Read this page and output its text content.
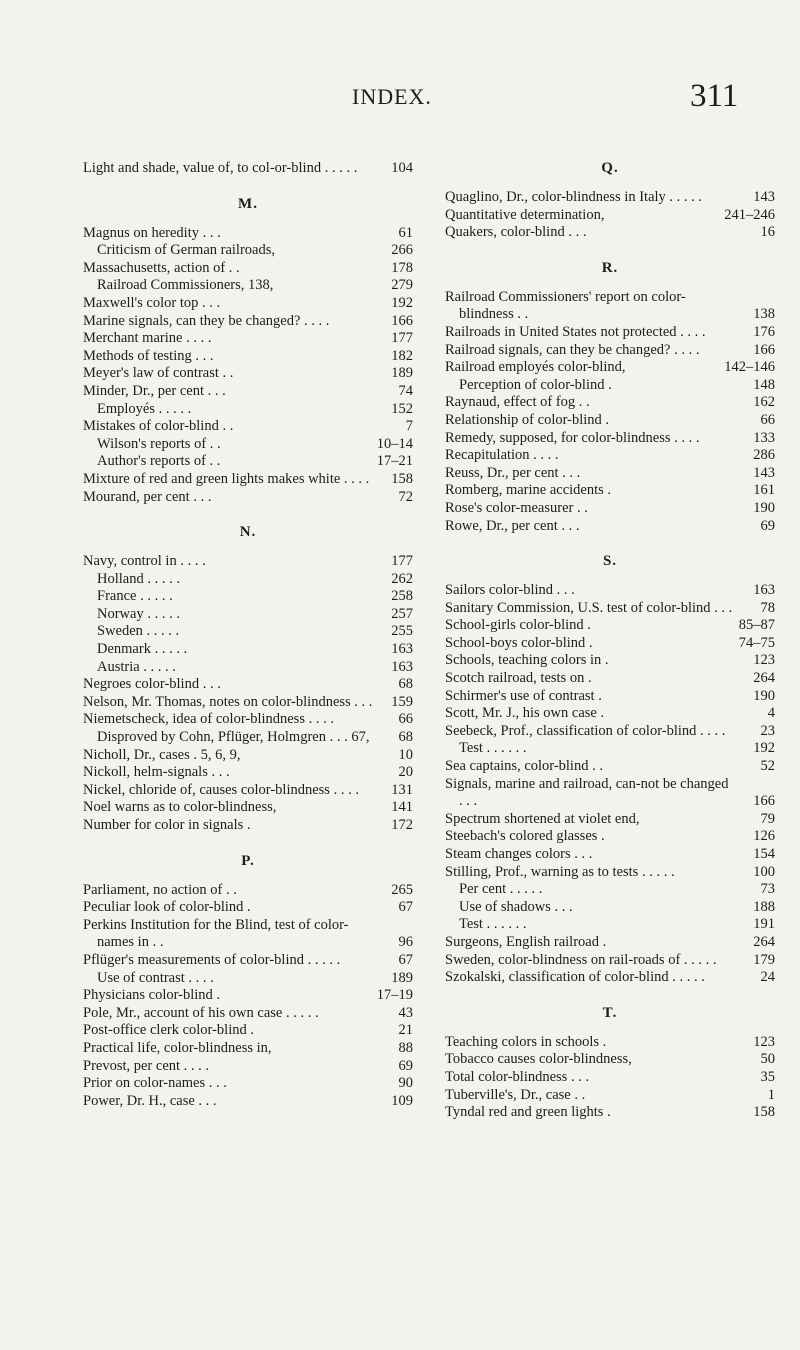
INDEX.	311
Light and shade, value of, to col-or-blind . . . . . 104
M.
Magnus on heredity . . .	61
Criticism of German railroads,	266
Massachusetts, action of . .	178
Railroad Commissioners, 138,	279
Maxwell's color top . . .	192
Marine signals, can they be changed? . . . .	166
Merchant marine . . . .	177
Methods of testing . . .	182
Meyer's law of contrast . .	189
Minder, Dr., per cent . . .	74
Employés . . . . .	152
Mistakes of color-blind . .	7
Wilson's reports of . .	10–14
Author's reports of . .	17–21
Mixture of red and green lights makes white . . . . 158
Mourand, per cent . . .	72
N.
Navy, control in . . . .	177
Holland . . . . .	262
France . . . . .	258
Norway . . . . .	257
Sweden . . . . .	255
Denmark . . . . .	163
Austria . . . . .	163
Negroes color-blind . . .	68
Nelson, Mr. Thomas, notes on color-blindness . . . 159
Niemetscheck, idea of color-blindness . . . .	66
Disproved by Cohn, Pflüger, Holmgren . . . 67, 68
Nicholl, Dr., cases . 5, 6, 9,	10
Nickoll, helm-signals . . .	20
Nickel, chloride of, causes color-blindness . . . . 131
Noel warns as to color-blindness,	141
Number for color in signals .	172
P.
Parliament, no action of . .	265
Peculiar look of color-blind .	67
Perkins Institution for the Blind, test of color-names in . .	96
Pflüger's measurements of color-blind . . . . .	67
Use of contrast . . . .	189
Physicians color-blind .	17–19
Pole, Mr., account of his own case . . . . .	43
Post-office clerk color-blind .	21
Practical life, color-blindness in,	88
Prevost, per cent . . . .	69
Prior on color-names . . .	90
Power, Dr. H., case . . .	109
Q.
Quaglino, Dr., color-blindness in Italy . . . . .	143
Quantitative determination,	241–246
Quakers, color-blind . . .	16
R.
Railroad Commissioners' report on color-blindness . .	138
Railroads in United States not protected . . . .	176
Railroad signals, can they be changed? . . . .	166
Railroad employés color-blind,	142–146
Perception of color-blind .	148
Raynaud, effect of fog . .	162
Relationship of color-blind .	66
Remedy, supposed, for color-blindness . . . .	133
Recapitulation . . . .	286
Reuss, Dr., per cent . . .	143
Romberg, marine accidents .	161
Rose's color-measurer . .	190
Rowe, Dr., per cent . . .	69
S.
Sailors color-blind . . .	163
Sanitary Commission, U.S. test of color-blind . . . 78
School-girls color-blind .	85–87
School-boys color-blind .	74–75
Schools, teaching colors in .	123
Scotch railroad, tests on .	264
Schirmer's use of contrast .	190
Scott, Mr. J., his own case .	4
Seebeck, Prof., classification of color-blind . . . . 23
Test . . . . . .	192
Sea captains, color-blind . .	52
Signals, marine and railroad, can-not be changed . . .	166
Spectrum shortened at violet end,	79
Steebach's colored glasses .	126
Steam changes colors . . .	154
Stilling, Prof., warning as to tests . . . . .	100
Per cent . . . . .	73
Use of shadows . . .	188
Test . . . . . .	191
Surgeons, English railroad .	264
Sweden, color-blindness on rail-roads of . . . . .	179
Szokalski, classification of color-blind . . . . .	24
T.
Teaching colors in schools .	123
Tobacco causes color-blindness,	50
Total color-blindness . . .	35
Tuberville's, Dr., case . .	1
Tyndal red and green lights .	158
